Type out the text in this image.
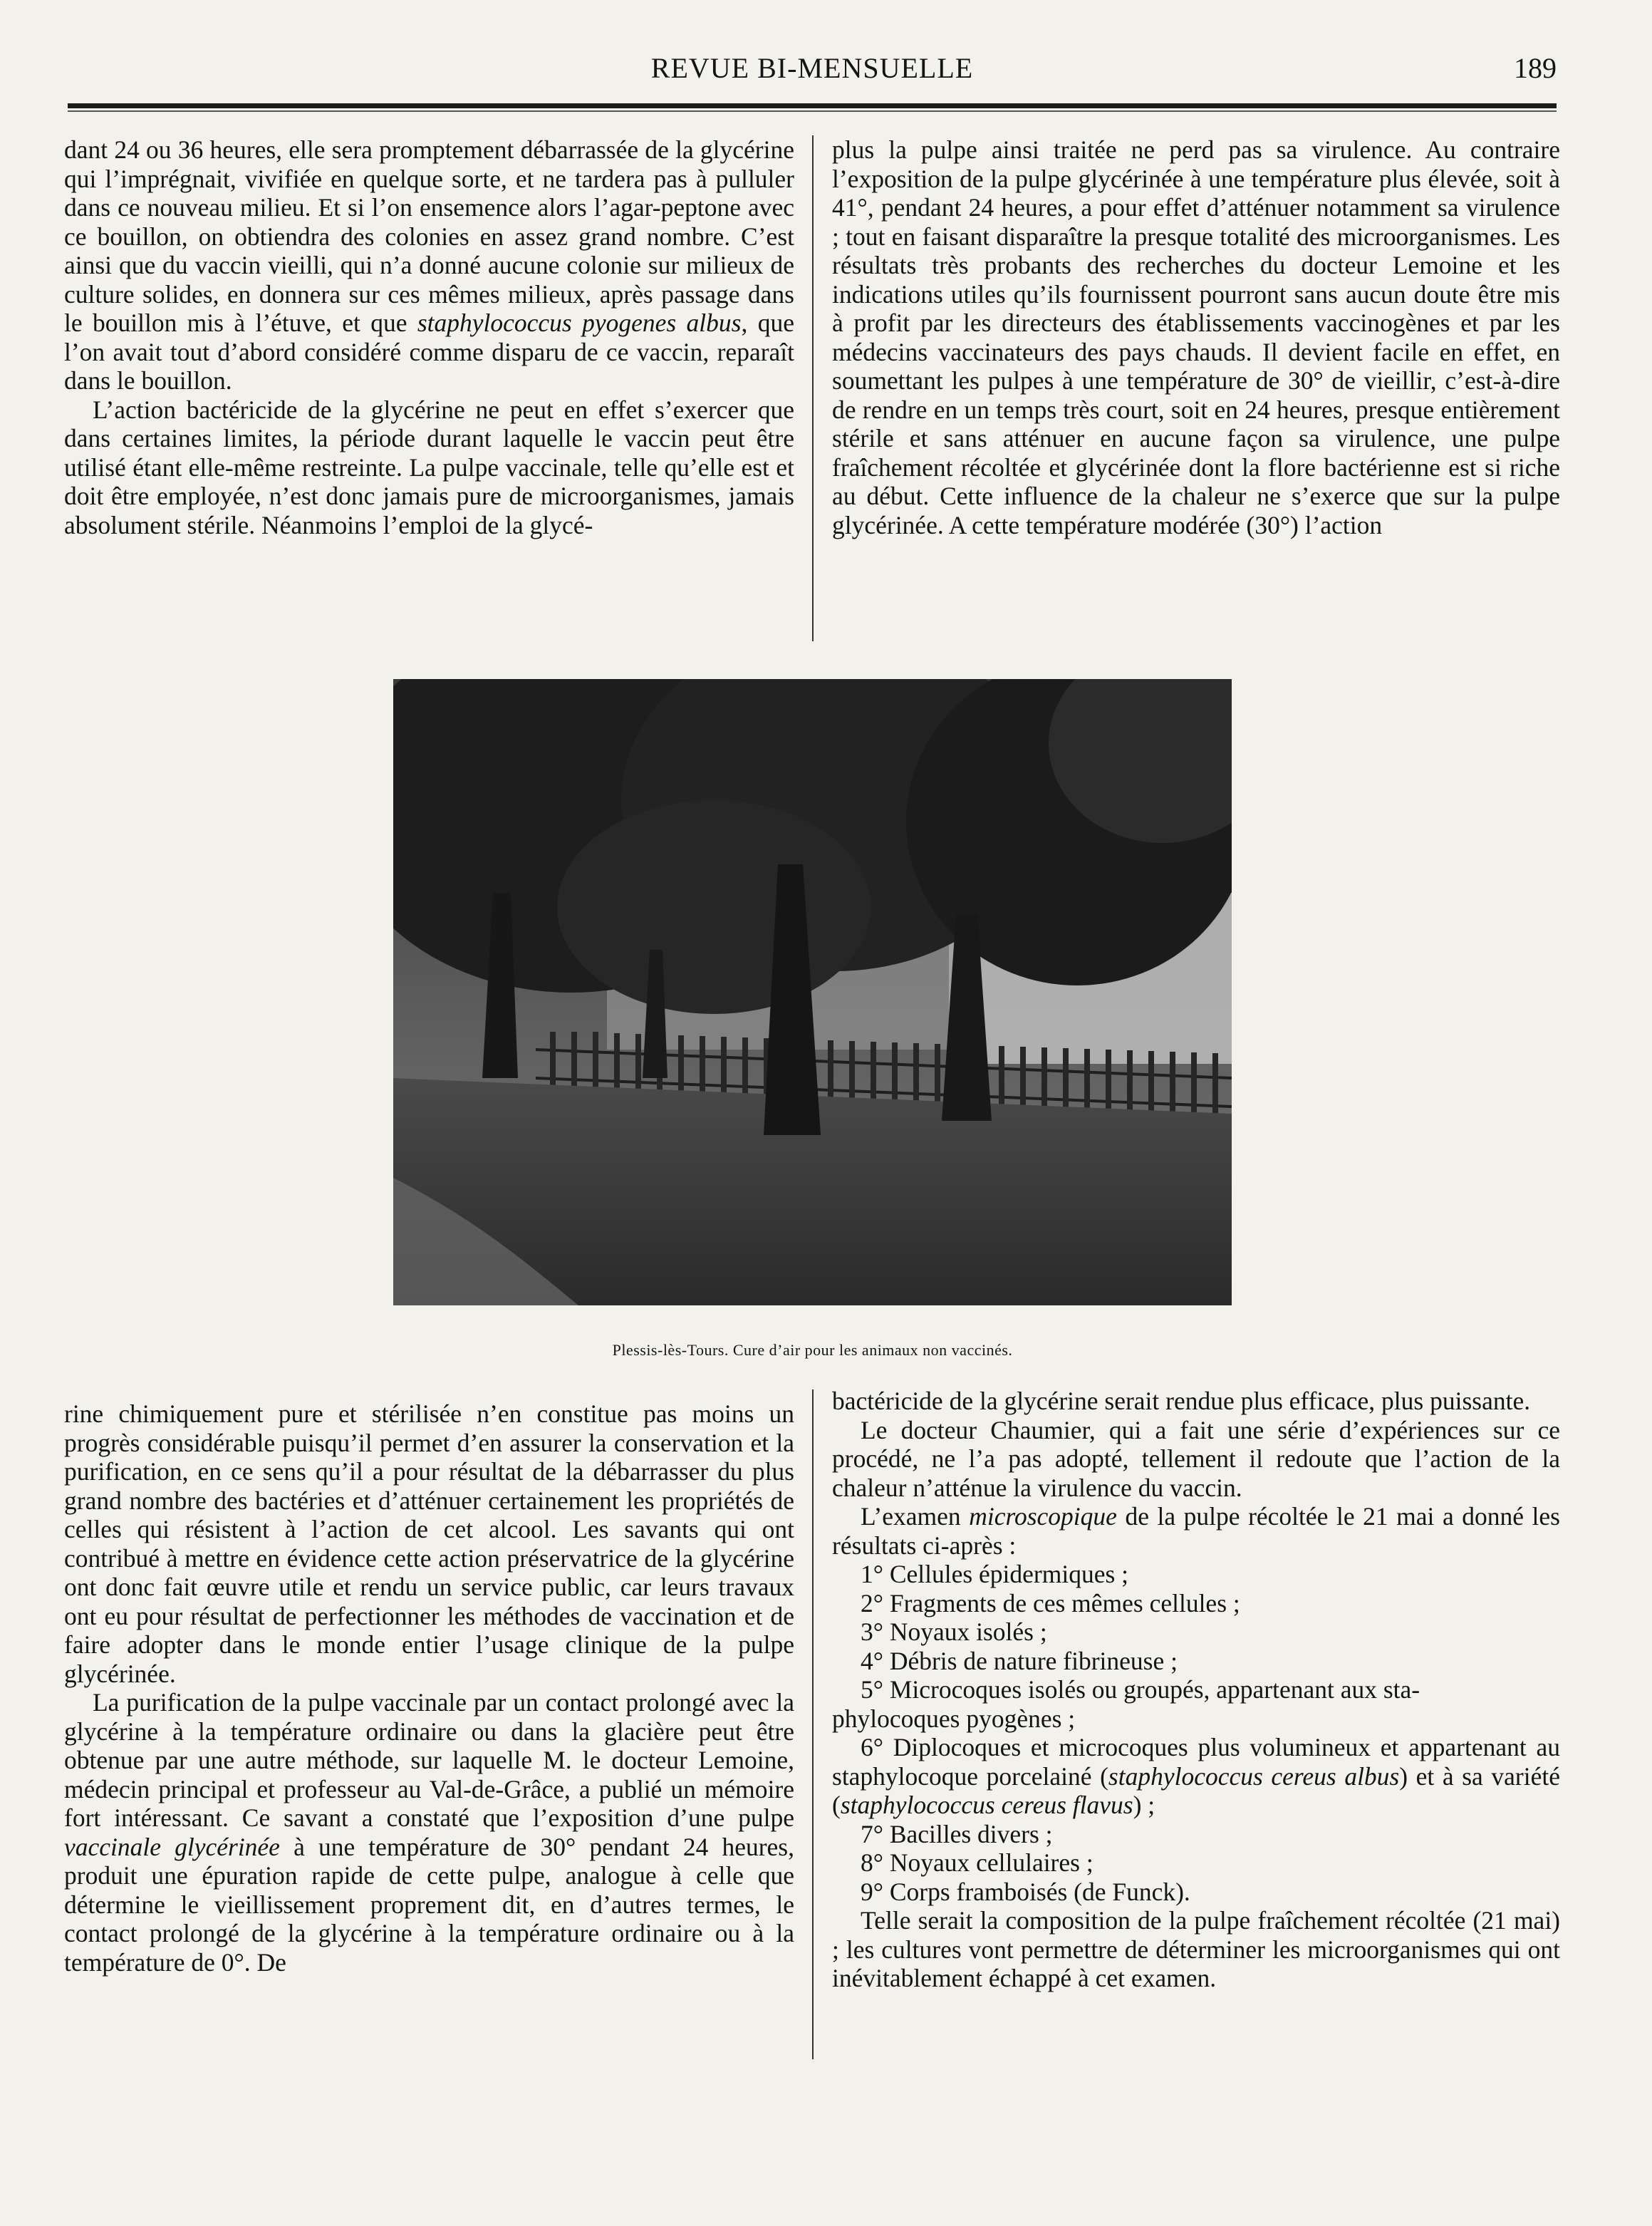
REVUE BI-MENSUELLE	189

dant 24 ou 36 heures, elle sera promptement débarrassée de la glycérine qui l’imprégnait, vivifiée en quelque sorte, et ne tardera pas à pulluler dans ce nouveau milieu. Et si l’on ensemence alors l’agar-peptone avec ce bouillon, on obtiendra des colonies en assez grand nombre. C’est ainsi que du vaccin vieilli, qui n’a donné aucune colonie sur milieux de culture solides, en donnera sur ces mêmes milieux, après passage dans le bouillon mis à l’étuve, et que staphylococcus pyogenes albus, que l’on avait tout d’abord considéré comme disparu de ce vaccin, reparaît dans le bouillon.

L’action bactéricide de la glycérine ne peut en effet s’exercer que dans certaines limites, la période durant laquelle le vaccin peut être utilisé étant elle-même restreinte. La pulpe vaccinale, telle qu’elle est et doit être employée, n’est donc jamais pure de microorganismes, jamais absolument stérile. Néanmoins l’emploi de la glycé-

plus la pulpe ainsi traitée ne perd pas sa virulence. Au contraire l’exposition de la pulpe glycérinée à une température plus élevée, soit à 41°, pendant 24 heures, a pour effet d’atténuer notamment sa virulence ; tout en faisant disparaître la presque totalité des microorganismes. Les résultats très probants des recherches du docteur Lemoine et les indications utiles qu’ils fournissent pourront sans aucun doute être mis à profit par les directeurs des établissements vaccinogènes et par les médecins vaccinateurs des pays chauds. Il devient facile en effet, en soumettant les pulpes à une température de 30° de vieillir, c’est-à-dire de rendre en un temps très court, soit en 24 heures, presque entièrement stérile et sans atténuer en aucune façon sa virulence, une pulpe fraîchement récoltée et glycérinée dont la flore bactérienne est si riche au début. Cette influence de la chaleur ne s’exerce que sur la pulpe glycérinée. A cette température modérée (30°) l’action

Plessis-lès-Tours. Cure d’air pour les animaux non vaccinés.

rine chimiquement pure et stérilisée n’en constitue pas moins un progrès considérable puisqu’il permet d’en assurer la conservation et la purification, en ce sens qu’il a pour résultat de la débarrasser du plus grand nombre des bactéries et d’atténuer certainement les propriétés de celles qui résistent à l’action de cet alcool. Les savants qui ont contribué à mettre en évidence cette action préservatrice de la glycérine ont donc fait œuvre utile et rendu un service public, car leurs travaux ont eu pour résultat de perfectionner les méthodes de vaccination et de faire adopter dans le monde entier l’usage clinique de la pulpe glycérinée.

La purification de la pulpe vaccinale par un contact prolongé avec la glycérine à la température ordinaire ou dans la glacière peut être obtenue par une autre méthode, sur laquelle M. le docteur Lemoine, médecin principal et professeur au Val-de-Grâce, a publié un mémoire fort intéressant. Ce savant a constaté que l’exposition d’une pulpe vaccinale glycérinée à une température de 30° pendant 24 heures, produit une épuration rapide de cette pulpe, analogue à celle que détermine le vieillissement proprement dit, en d’autres termes, le contact prolongé de la glycérine à la température ordinaire ou à la température de 0°. De

bactéricide de la glycérine serait rendue plus efficace, plus puissante.

Le docteur Chaumier, qui a fait une série d’expériences sur ce procédé, ne l’a pas adopté, tellement il redoute que l’action de la chaleur n’atténue la virulence du vaccin.

L’examen microscopique de la pulpe récoltée le 21 mai a donné les résultats ci-après :

1° Cellules épidermiques ;

2° Fragments de ces mêmes cellules ;

3° Noyaux isolés ;

4° Débris de nature fibrineuse ;

5° Microcoques isolés ou groupés, appartenant aux sta-

phylocoques pyogènes ;

6° Diplocoques et microcoques plus volumineux et appartenant au staphylocoque porcelainé (staphylococcus cereus albus) et à sa variété (staphylococcus cereus flavus) ;

7° Bacilles divers ;

8° Noyaux cellulaires ;

9° Corps framboisés (de Funck).

Telle serait la composition de la pulpe fraîchement récoltée (21 mai) ; les cultures vont permettre de déterminer les microorganismes qui ont inévitablement échappé à cet examen.
